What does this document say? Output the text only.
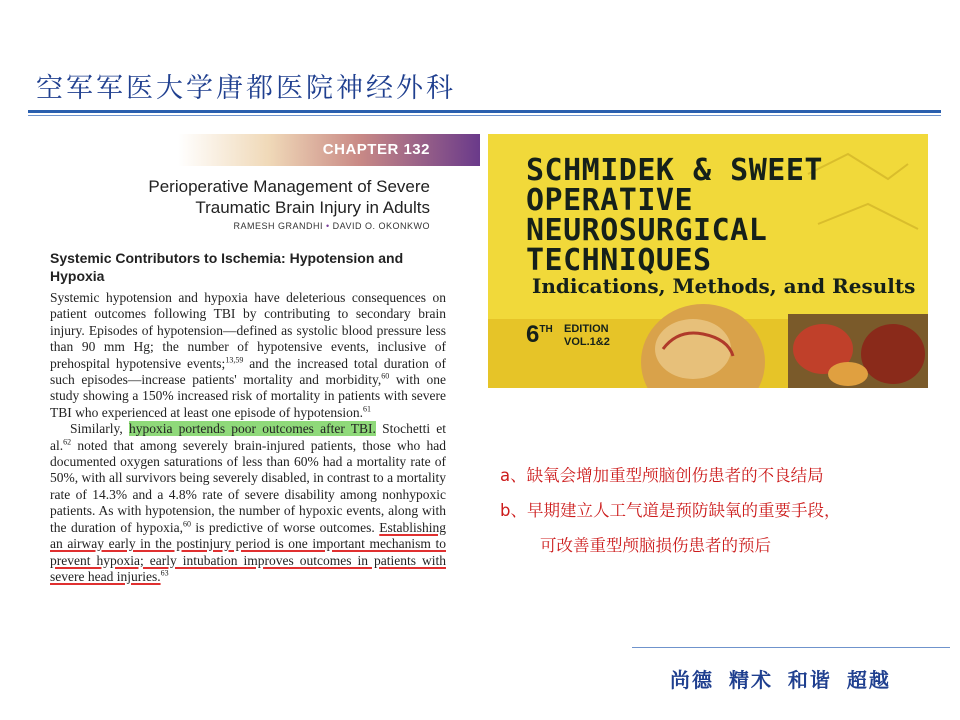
空军军医大学唐都医院神经外科
CHAPTER 132
Perioperative Management of Severe
Traumatic Brain Injury in Adults
RAMESH GRANDHI • DAVID O. OKONKWO
Systemic Contributors to Ischemia: Hypotension and Hypoxia

Systemic hypotension and hypoxia have deleterious consequences on patient outcomes following TBI by contributing to secondary brain injury. Episodes of hypotension—defined as systolic blood pressure less than 90 mm Hg; the number of hypotensive events, inclusive of prehospital hypotensive events;$^{13,59}$ and the increased total duration of such episodes—increase patients' mortality and morbidity,$^{60}$ with one study showing a 150% increased risk of mortality in patients with severe TBI who experienced at least one episode of hypotension.$^{61}$

Similarly, hypoxia portends poor outcomes after TBI. Stochetti et al.$^{62}$ noted that among severely brain-injured patients, those who had documented oxygen saturations of less than 60% had a mortality rate of 50%, with all survivors being severely disabled, in contrast to a mortality rate of 14.3% and a 4.8% rate of severe disability among nonhypoxic patients. As with hypotension, the number of hypoxic events, along with the duration of hypoxia,$^{60}$ is predictive of worse outcomes. Establishing an airway early in the postinjury period is one important mechanism to prevent hypoxia; early intubation improves outcomes in patients with severe head injuries.$^{63}$

SCHMIDEK & SWEET
OPERATIVE
NEUROSURGICAL
TECHNIQUES
Indications, Methods, and Results
6TH EDITION
VOL.1&2
a、缺氧会增加重型颅脑创伤患者的不良结局
b、早期建立人工气道是预防缺氧的重要手段，
可改善重型颅脑损伤患者的预后
尚德 精术 和谐 超越
